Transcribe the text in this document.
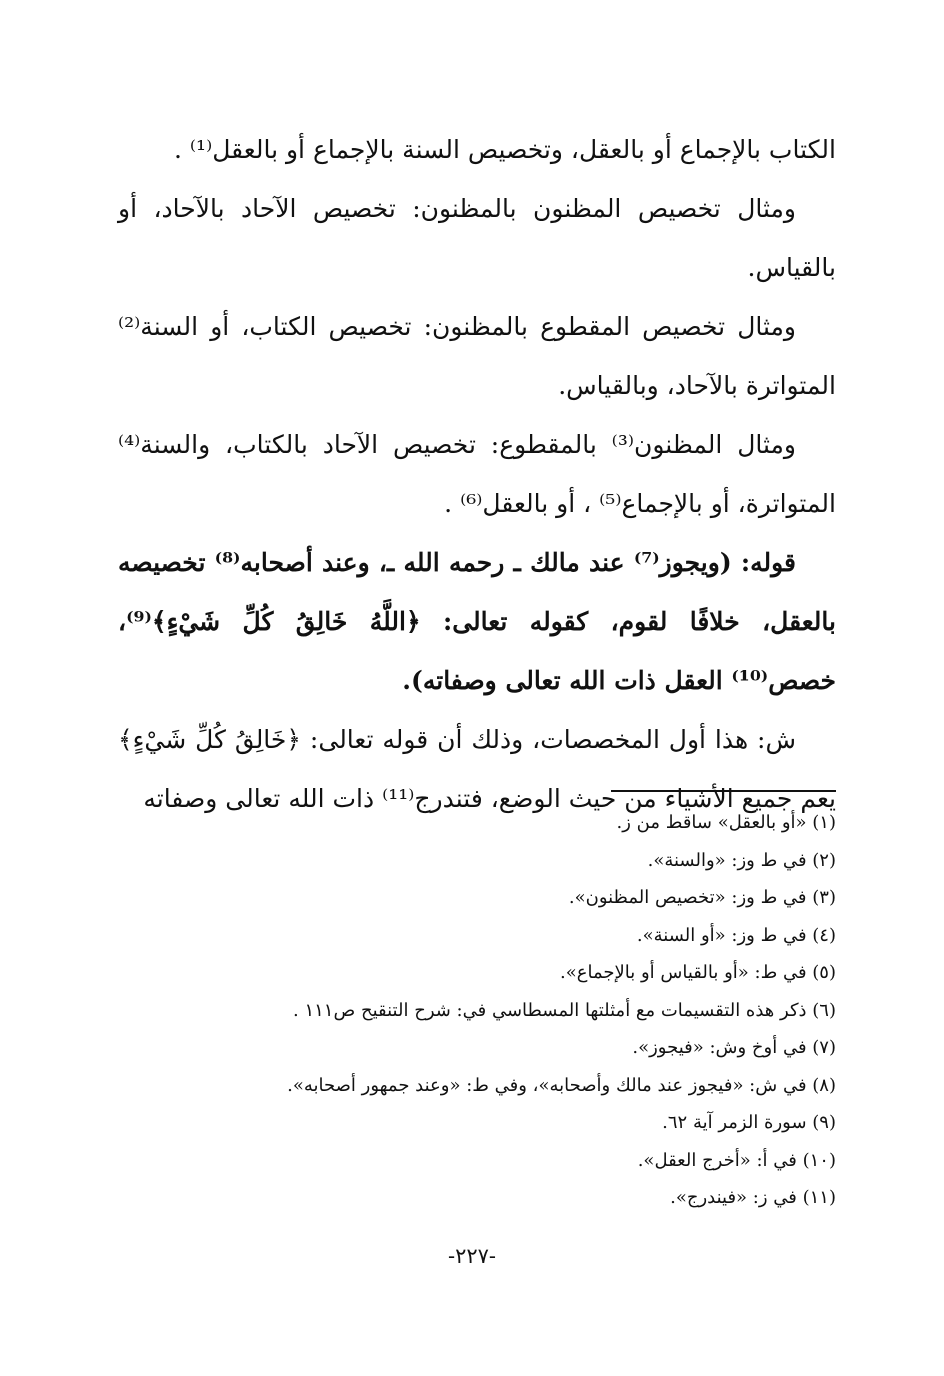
الكتاب بالإجماع أو بالعقل، وتخصيص السنة بالإجماع أو بالعقل⁽¹⁾ .

ومثال تخصيص المظنون بالمظنون: تخصيص الآحاد بالآحاد، أو بالقياس.

ومثال تخصيص المقطوع بالمظنون: تخصيص الكتاب، أو السنة⁽²⁾ المتواترة بالآحاد، وبالقياس.

ومثال المظنون⁽³⁾ بالمقطوع: تخصيص الآحاد بالكتاب، والسنة⁽⁴⁾ المتواترة، أو بالإجماع⁽⁵⁾ ، أو بالعقل⁽⁶⁾ .

قوله: (ويجوز⁽⁷⁾ عند مالك ـ رحمه الله ـ، وعند أصحابه⁽⁸⁾ تخصيصه بالعقل، خلافًا لقوم، كقوله تعالى: ﴿اللَّهُ خَالِقُ كُلِّ شَيْءٍ﴾⁽⁹⁾، خصص⁽¹⁰⁾ العقل ذات الله تعالى وصفاته).

ش: هذا أول المخصصات، وذلك أن قوله تعالى: ﴿خَالِقُ كُلِّ شَيْءٍ﴾ يعم جميع الأشياء من حيث الوضع، فتندرج⁽¹¹⁾ ذات الله تعالى وصفاته

(١) «أو بالعقل» ساقط من ز.
(٢) في ط وز: «والسنة».
(٣) في ط وز: «تخصيص المظنون».
(٤) في ط وز: «أو السنة».
(٥) في ط: «أو بالقياس أو بالإجماع».
(٦) ذكر هذه التقسيمات مع أمثلتها المسطاسي في: شرح التنقيح ص١١١ .
(٧) في أوخ وش: «فيجوز».
(٨) في ش: «فيجوز عند مالك وأصحابه»، وفي ط: «وعند جمهور أصحابه».
(٩) سورة الزمر آية ٦٢.
(١٠) في أ: «أخرج العقل».
(١١) في ز: «فيندرج».
-٢٢٧-
